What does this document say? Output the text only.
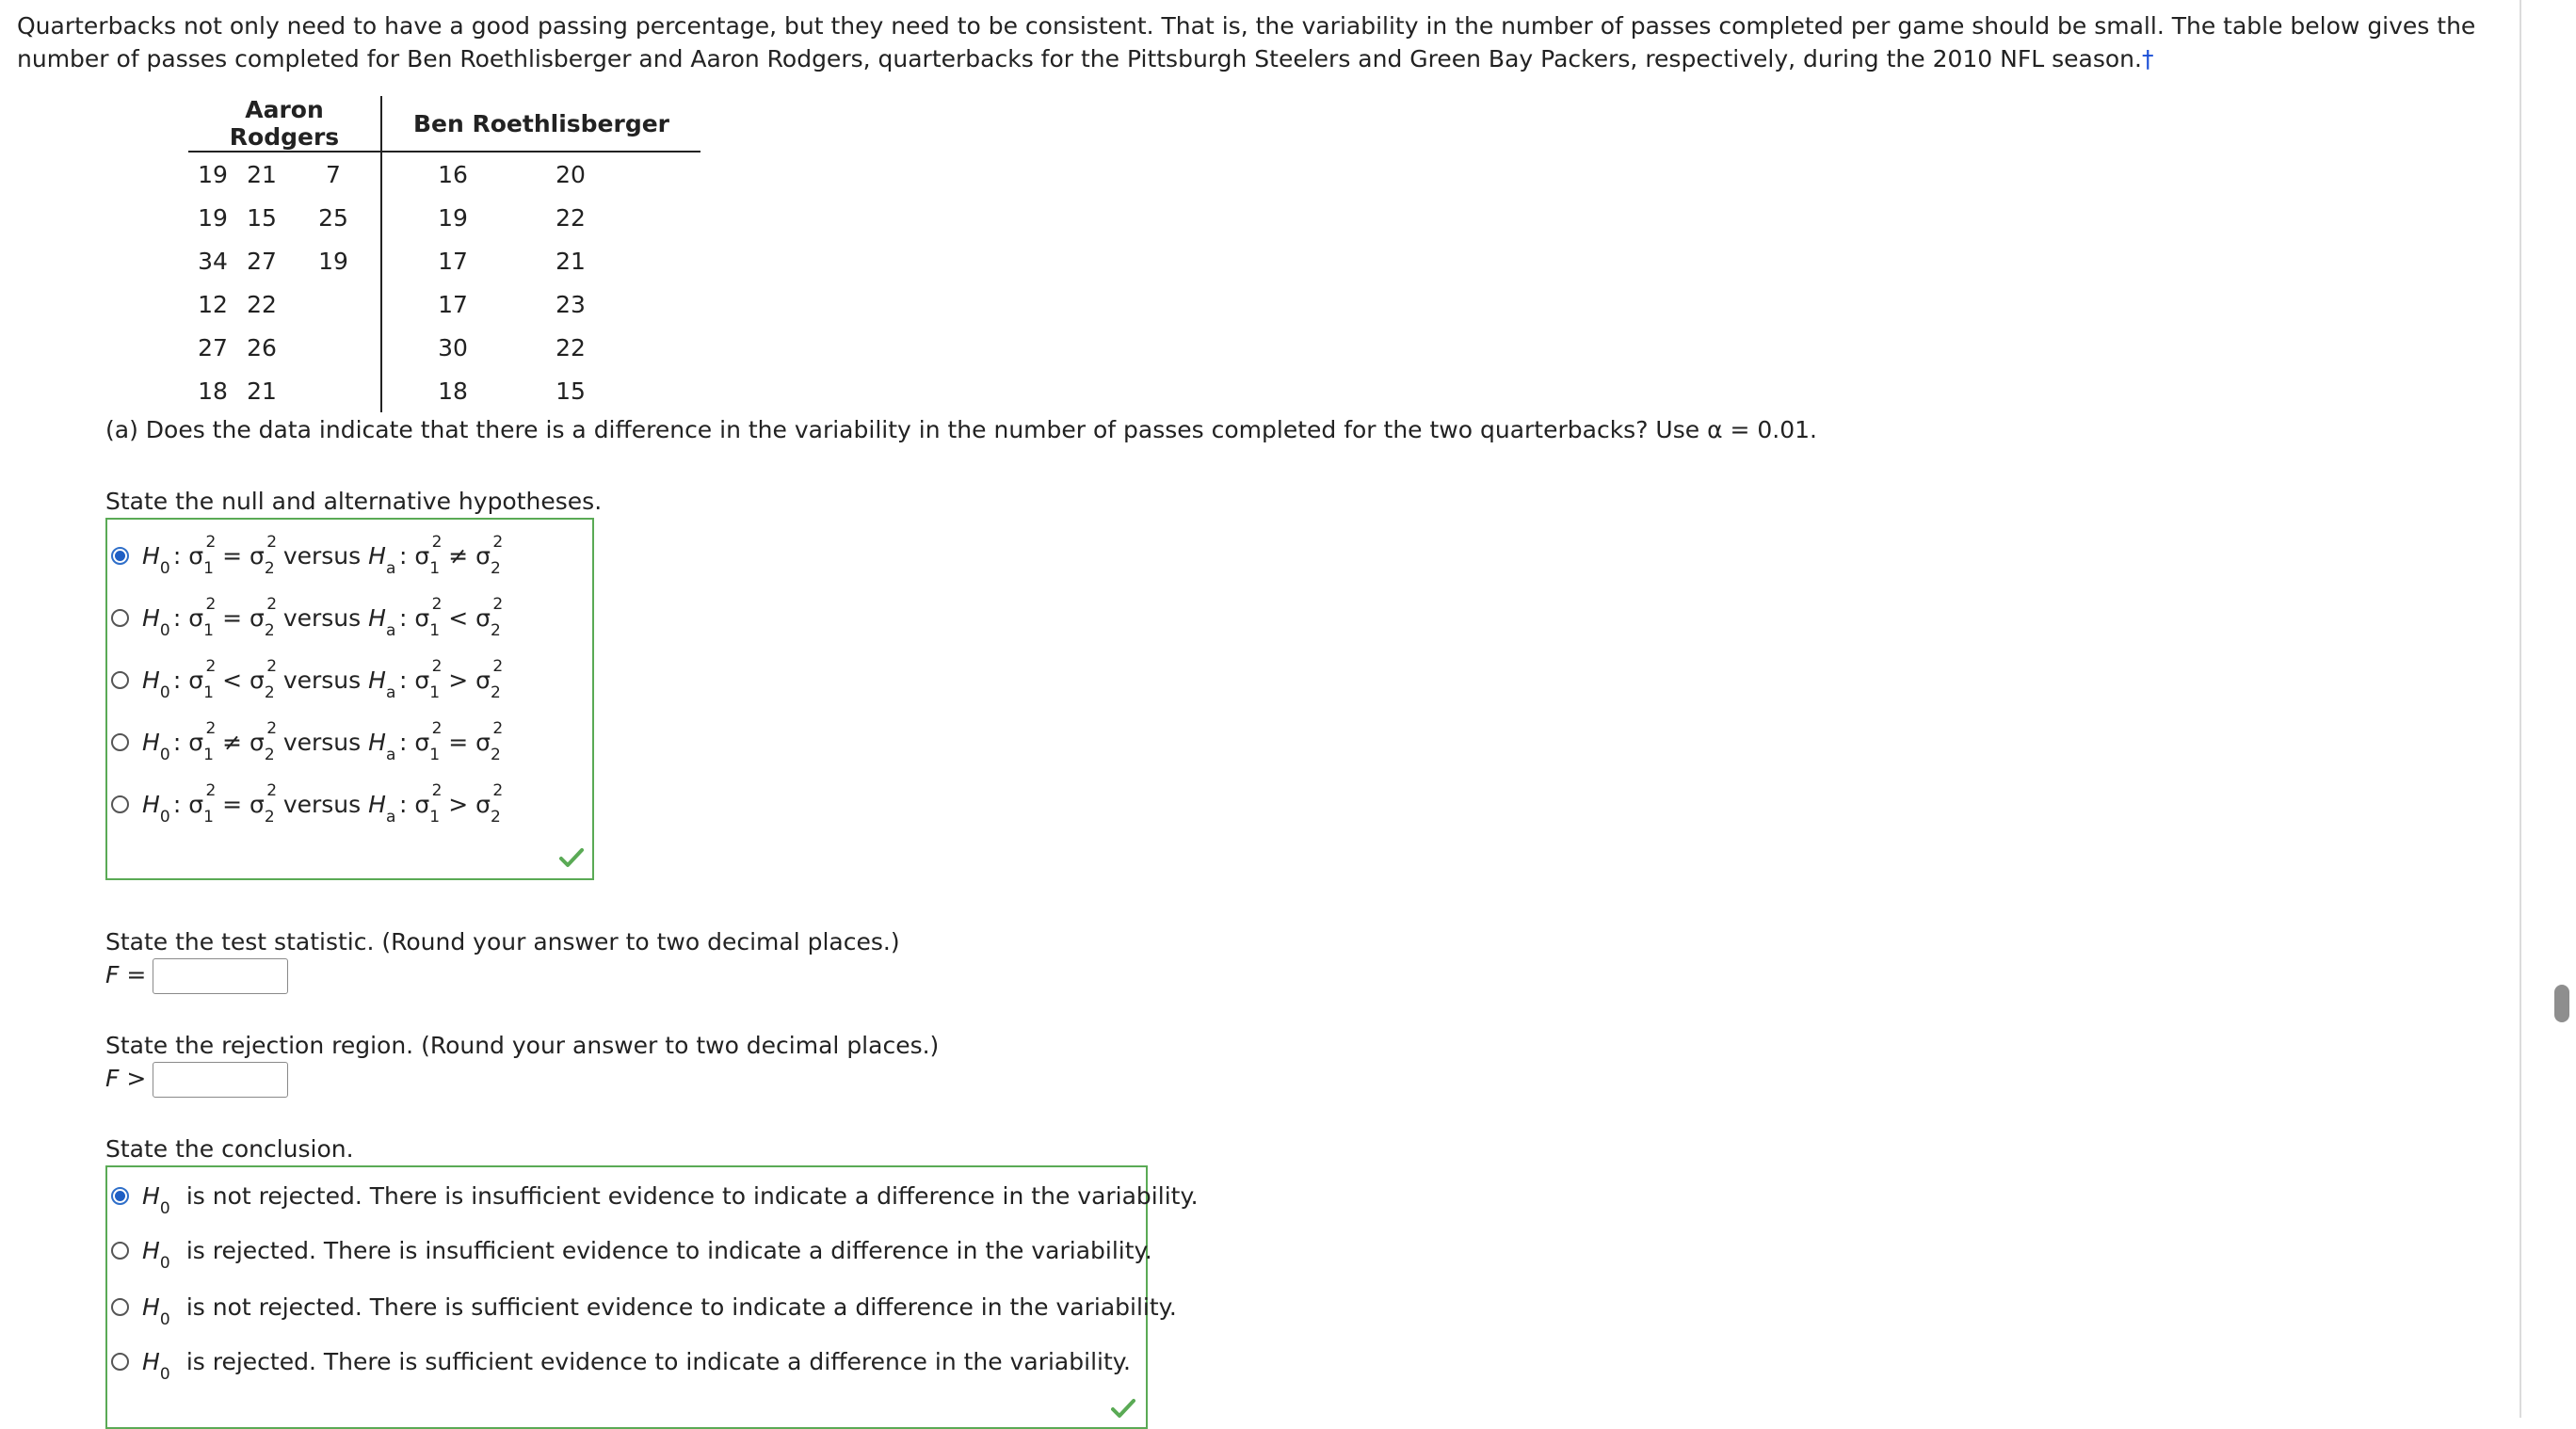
Quarterbacks not only need to have a good passing percentage, but they need to be consistent. That is, the variability in the number of passes completed per game should be small. The table below gives the number of passes completed for Ben Roethlisberger and Aaron Rodgers, quarterbacks for the Pittsburgh Steelers and Green Bay Packers, respectively, during the 2010 NFL season.†

Aaron Rodgers			Ben Roethlisberger		
19	21	7	16	20	
19	15	25	19	22	
34	27	19	17	21	
12	22		17	23	
27	26		30	22	
18	21		18	15	

(a) Does the data indicate that there is a difference in the variability in the number of passes completed for the two quarterbacks? Use α = 0.01.

State the null and alternative hypotheses.

H 0 : σ 1
2 = σ 2
2 versus H a : σ 1
2 ≠ σ 2
2
H 0 : σ 1
2 = σ 2
2 versus H a : σ 1
2 < σ 2
2
H 0 : σ 1
2 < σ 2
2 versus H a : σ 1
2 > σ 2
2
H 0 : σ 1
2 ≠ σ 2
2 versus H a : σ 1
2 = σ 2
2
H 0 : σ 1
2 = σ 2
2 versus H a : σ 1
2 > σ 2
2

State the test statistic. (Round your answer to two decimal places.)

F =

State the rejection region. (Round your answer to two decimal places.)

F >

State the conclusion.

H 0 is not rejected. There is insufficient evidence to indicate a difference in the variability.
H 0 is rejected. There is insufficient evidence to indicate a difference in the variability.
H 0 is not rejected. There is sufficient evidence to indicate a difference in the variability.
H 0 is rejected. There is sufficient evidence to indicate a difference in the variability.
